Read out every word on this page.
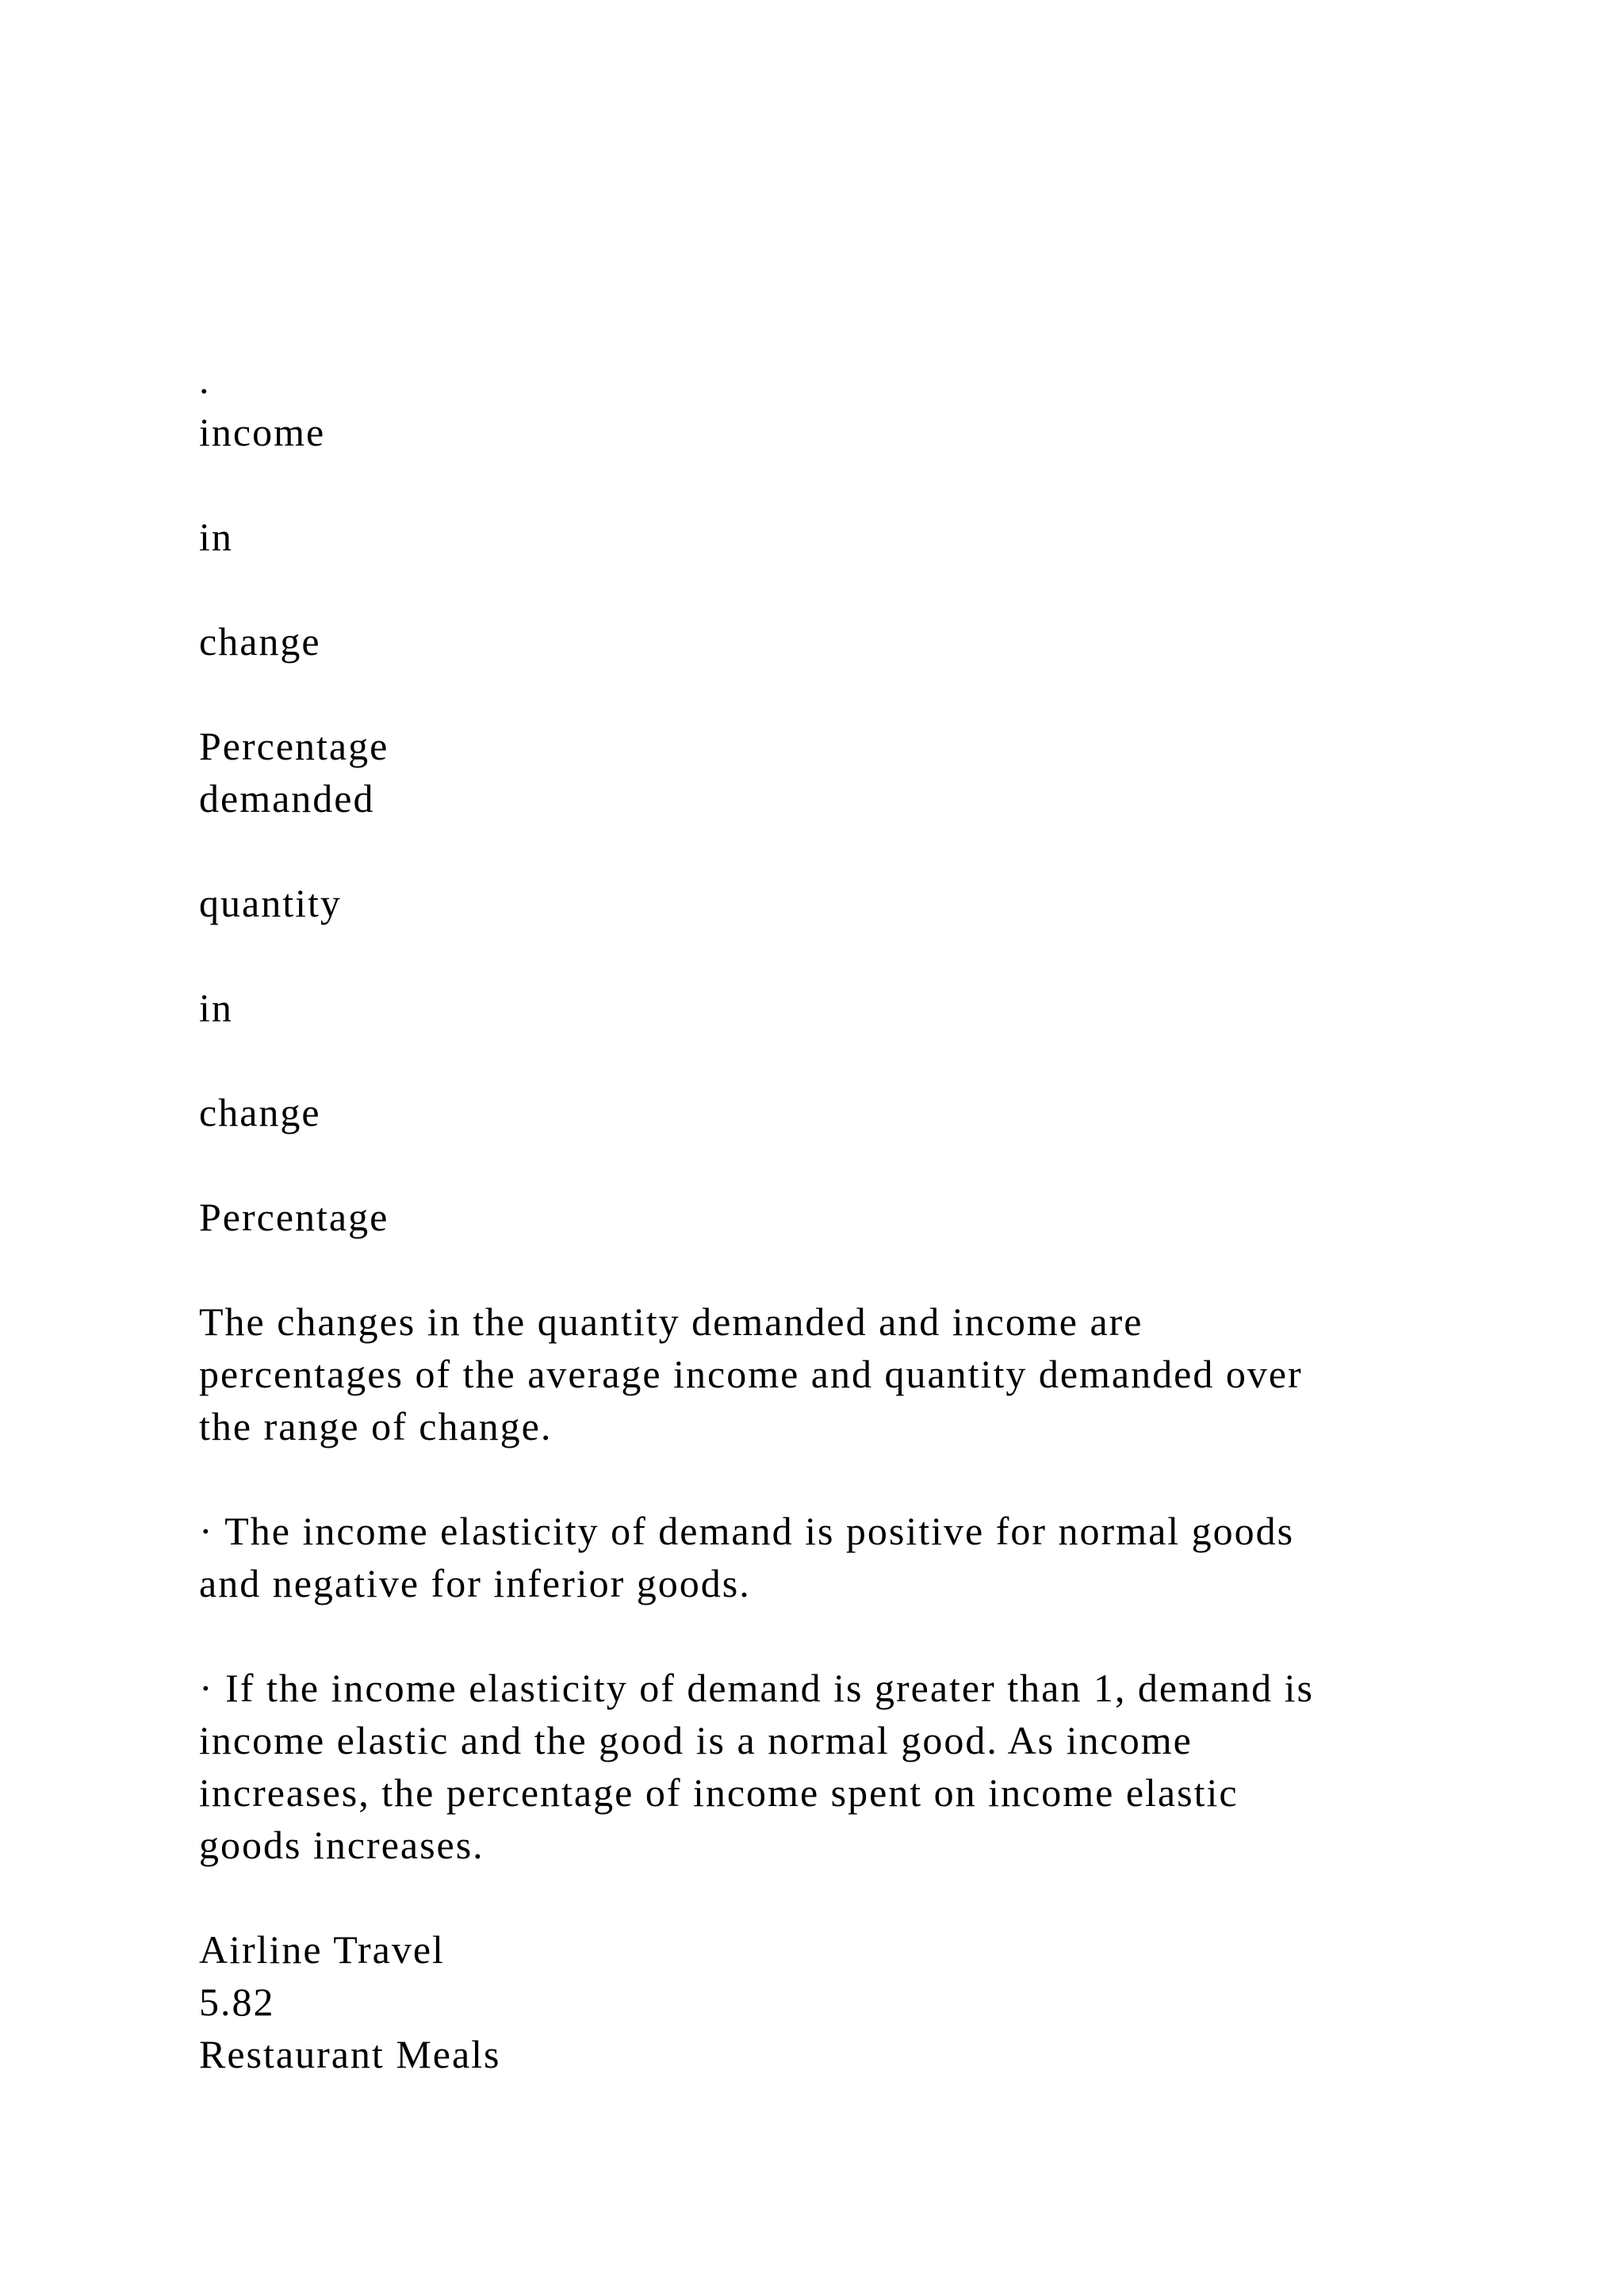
.
income
in
change
Percentage
demanded
quantity
in
change
Percentage
The changes in the quantity demanded and income are
percentages of the average income and quantity demanded over
the range of change.
· The income elasticity of demand is positive for normal goods
and negative for inferior goods.
· If the income elasticity of demand is greater than 1, demand is
income elastic and the good is a normal good. As income
increases, the percentage of income spent on income elastic
goods increases.
Airline Travel
5.82
Restaurant Meals
